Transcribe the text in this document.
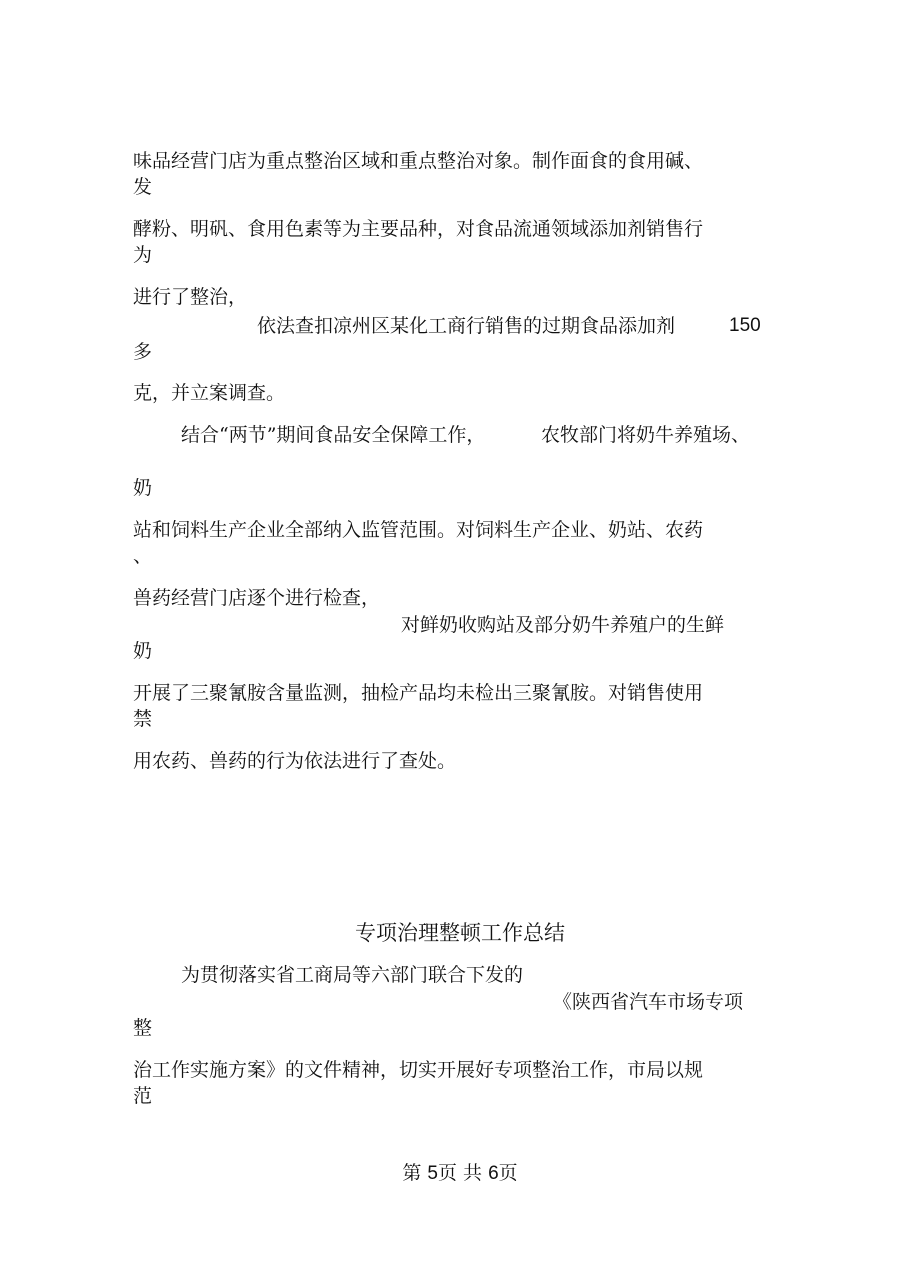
味品经营门店为重点整治区域和重点整治对象。制作面食的食用碱、
发
酵粉、明矾、食用色素等为主要品种，对食品流通领域添加剂销售行
为
进行了整治，
依法查扣凉州区某化工商行销售的过期食品添加剂	150
多
克，并立案调查。
结合“两节”期间食品安全保障工作，	农牧部门将奶牛养殖场、
奶
站和饲料生产企业全部纳入监管范围。对饲料生产企业、奶站、农药
、
兽药经营门店逐个进行检查，
对鲜奶收购站及部分奶牛养殖户的生鲜
奶
开展了三聚氰胺含量监测，抽检产品均未检出三聚氰胺。对销售使用
禁
用农药、兽药的行为依法进行了查处。
专项治理整顿工作总结
为贯彻落实省工商局等六部门联合下发的
《陕西省汽车市场专项
整
治工作实施方案》的文件精神，切实开展好专项整治工作，市局以规
范
第 5页 共 6页
